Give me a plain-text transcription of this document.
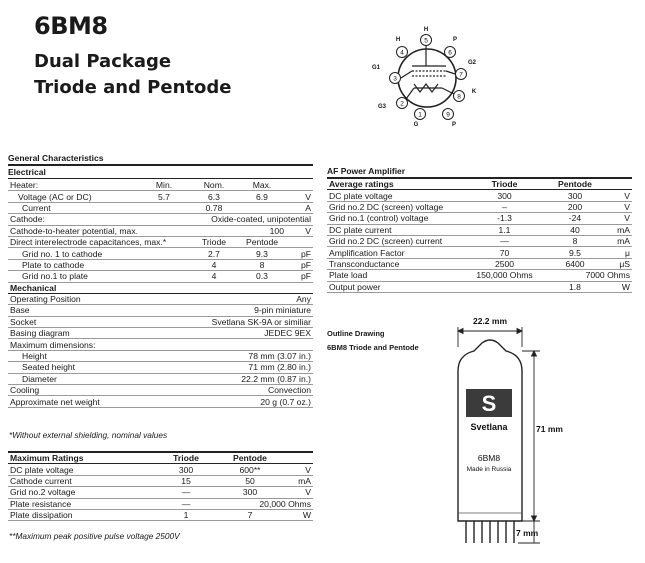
6BM8
Dual Package
Triode and Pentode
5
4	6
3
7
2
8
1	9
H
H	P
G1
G2
K
G3
G	P
General Characteristics
Electrical
Heater:	Min.	Nom.	Max.	
Voltage (AC or DC)	5.7	6.3	6.9	V
Current		0.78		A
Cathode:	Oxide-coated, unipotential			
Cathode-to-heater potential, max.			100	V
Direct interelectrode capacitances, max.*		Triode	Pentode	
Grid no. 1 to cathode		2.7	9.3	pF
Plate to cathode		4	8	pF
Grid no.1 to plate		4	0.3	pF
Mechanical				
Operating Position		Any		
Base		9-pin miniature		
Socket	Svetlana SK-9A or similiar			
Basing diagram		JEDEC 9EX		
Maximum dimensions:				
Height		78 mm (3.07 in.)		
Seated height		71 mm (2.80 in.)		
Diameter		22.2 mm (0.87 in.)		
Cooling		Convection		
Approximate net weight		20 g (0.7 oz.)		
*Without external shielding, nominal values
Maximum Ratings	Triode	Pentode	
DC plate voltage	300	600**	V
Cathode current	15	50	mA
Grid no.2 voltage	—	300	V
Plate resistance	—	20,000 Ohms	
Plate dissipation	1	7	W
**Maximum peak positive pulse voltage 2500V
AF Power Amplifier
Average ratings	Triode	Pentode	
DC plate voltage	300	300	V
Grid no.2 DC (screen) voltage	–	200	V
Grid no.1 (control) voltage	-1.3	-24	V
DC plate current	1.1	40	mA
Grid no.2 DC (screen) current	—	8	mA
Amplification Factor	70	9.5	μ
Transconductance	2500	6400	μS
Plate load	150,000 Ohms	7000 Ohms	
Output power		1.8	W
Outline Drawing
6BM8 Triode and Pentode
22.2 mm
S
Svetlana
6BM8
Made in Russia
71 mm
7 mm
